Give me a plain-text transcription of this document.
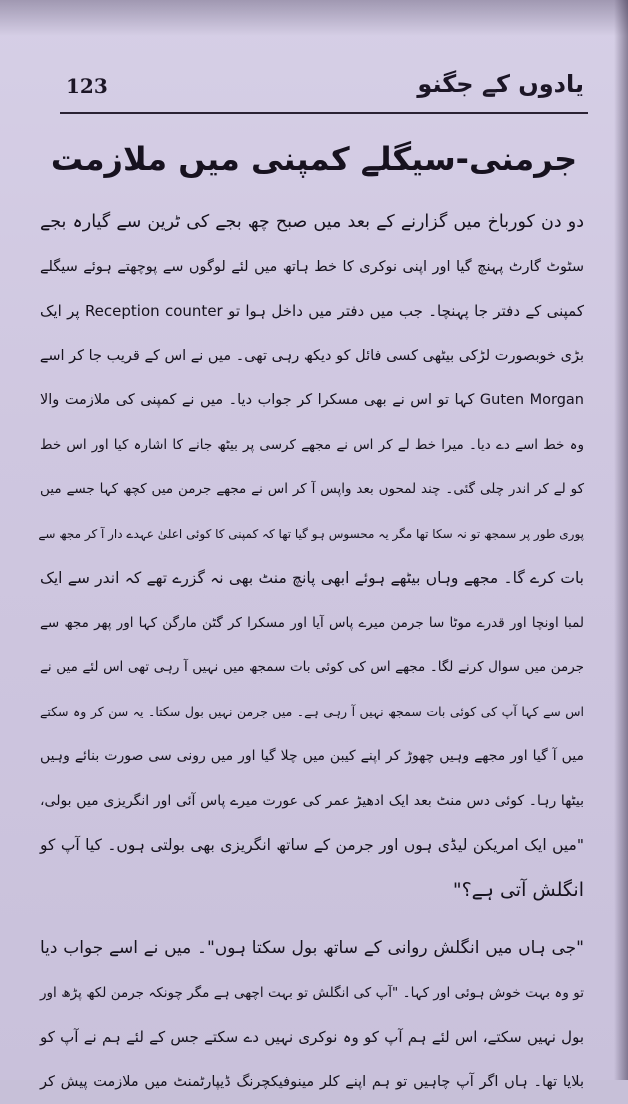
123	یادوں کے جگنو
جرمنی-سیگلے کمپنی میں ملازمت
دو دن کورباخ میں گزارنے کے بعد میں صبح چھ بجے کی ٹرین سے گیارہ بجے
سٹوٹ گارٹ پہنچ گیا اور اپنی نوکری کا خط ہاتھ میں لئے لوگوں سے پوچھتے ہوئے سیگلے
کمپنی کے دفتر جا پہنچا۔ جب میں دفتر میں داخل ہوا تو Reception counter پر ایک
بڑی خوبصورت لڑکی بیٹھی کسی فائل کو دیکھ رہی تھی۔ میں نے اس کے قریب جا کر اسے
Guten Morgan کہا تو اس نے بھی مسکرا کر جواب دیا۔ میں نے کمپنی کی ملازمت والا
وہ خط اسے دے دیا۔ میرا خط لے کر اس نے مجھے کرسی پر بیٹھ جانے کا اشارہ کیا اور اس خط
کو لے کر اندر چلی گئی۔ چند لمحوں بعد واپس آ کر اس نے مجھے جرمن میں کچھ کہا جسے میں
پوری طور پر سمجھ تو نہ سکا تھا مگر یہ محسوس ہو گیا تھا کہ کمپنی کا کوئی اعلیٰ عہدے دار آ کر مجھ سے
بات کرے گا۔ مجھے وہاں بیٹھے ہوئے ابھی پانچ منٹ بھی نہ گزرے تھے کہ اندر سے ایک
لمبا اونچا اور قدرے موٹا سا جرمن میرے پاس آیا اور مسکرا کر گٹن مارگن کہا اور پھر مجھ سے
جرمن میں سوال کرنے لگا۔ مجھے اس کی کوئی بات سمجھ میں نہیں آ رہی تھی اس لئے میں نے
اس سے کہا آپ کی کوئی بات سمجھ نہیں آ رہی ہے۔ میں جرمن نہیں بول سکتا۔ یہ سن کر وہ سکتے
میں آ گیا اور مجھے وہیں چھوڑ کر اپنے کیبن میں چلا گیا اور میں رونی سی صورت بنائے وہیں
بیٹھا رہا۔ کوئی دس منٹ بعد ایک ادھیڑ عمر کی عورت میرے پاس آئی اور انگریزی میں بولی،
"میں ایک امریکن لیڈی ہوں اور جرمن کے ساتھ انگریزی بھی بولتی ہوں۔ کیا آپ کو
انگلش آتی ہے؟"
"جی ہاں میں انگلش روانی کے ساتھ بول سکتا ہوں"۔ میں نے اسے جواب دیا
تو وہ بہت خوش ہوئی اور کہا۔ "آپ کی انگلش تو بہت اچھی ہے مگر چونکہ جرمن لکھ پڑھ اور
بول نہیں سکتے، اس لئے ہم آپ کو وہ نوکری نہیں دے سکتے جس کے لئے ہم نے آپ کو
بلایا تھا۔ ہاں اگر آپ چاہیں تو ہم اپنے کلر مینوفیکچرنگ ڈیپارٹمنٹ میں ملازمت پیش کر
